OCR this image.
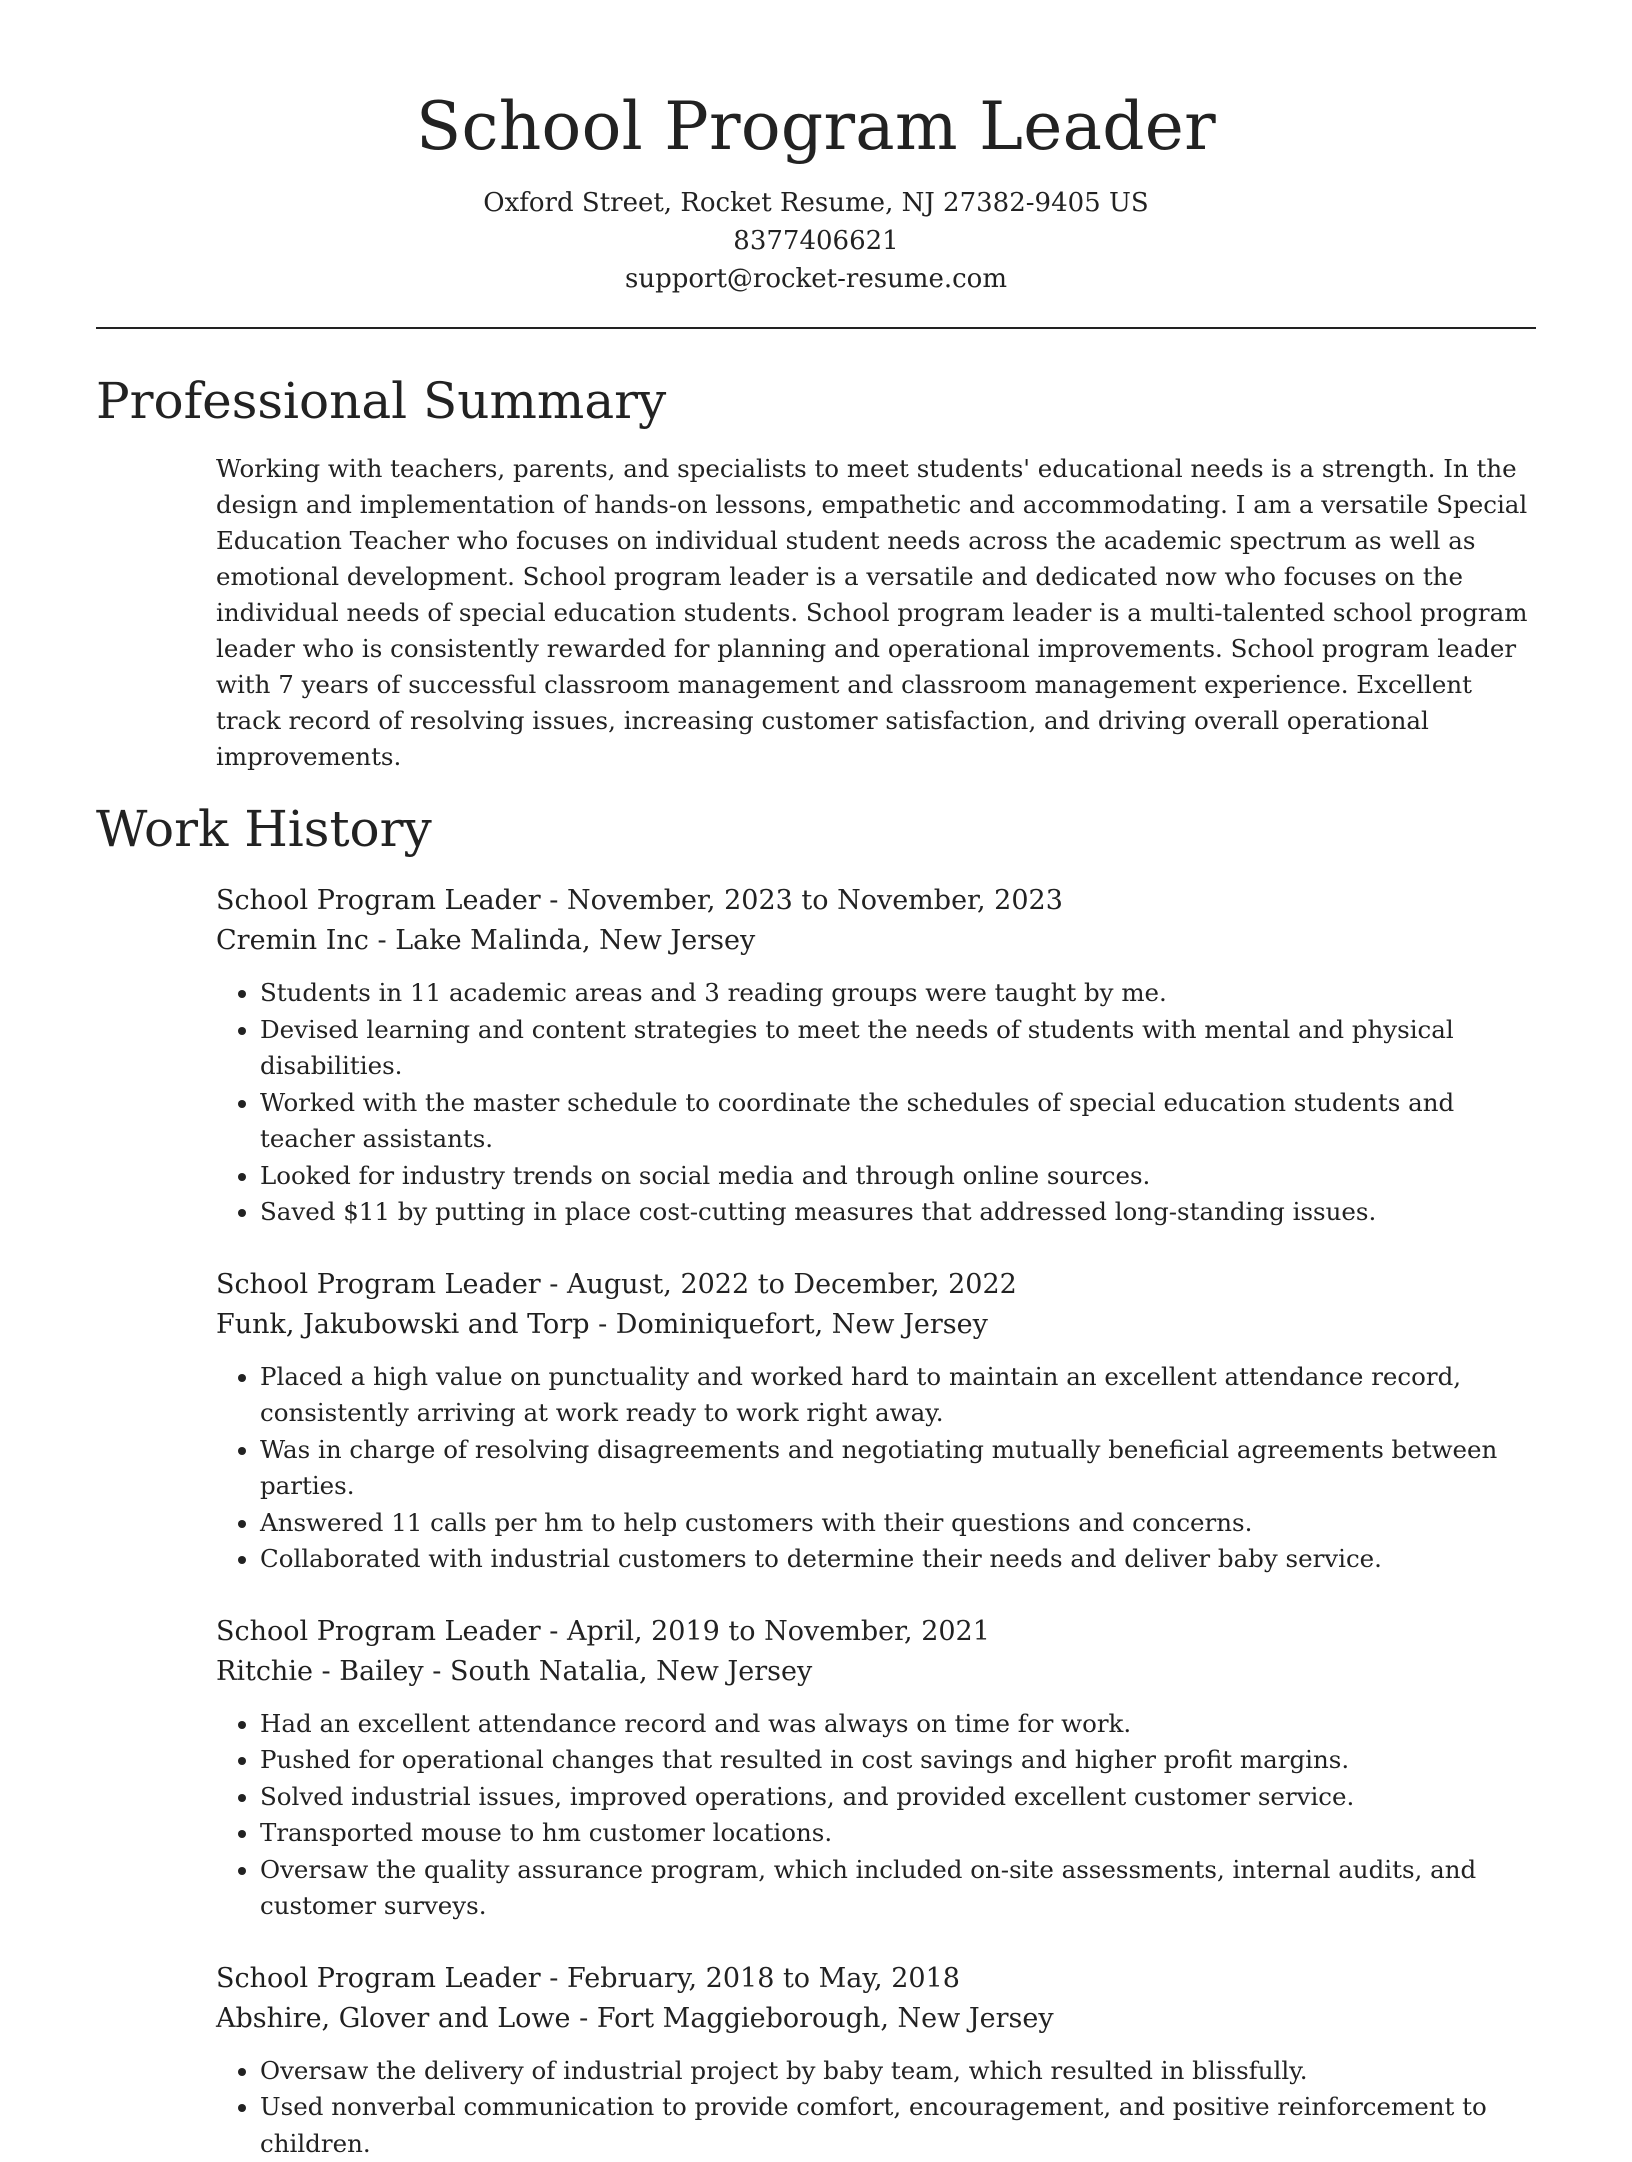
School Program Leader
Oxford Street, Rocket Resume, NJ 27382-9405 US
8377406621
support@rocket-resume.com
Professional Summary

Working with teachers, parents, and specialists to meet students' educational needs is a strength. In the design and implementation of hands-on lessons, empathetic and accommodating. I am a versatile Special Education Teacher who focuses on individual student needs across the academic spectrum as well as emotional development. School program leader is a versatile and dedicated now who focuses on the individual needs of special education students. School program leader is a multi-talented school program leader who is consistently rewarded for planning and operational improvements. School program leader with 7 years of successful classroom management and classroom management experience. Excellent track record of resolving issues, increasing customer satisfaction, and driving overall operational improvements.

Work History
School Program Leader - November, 2023 to November, 2023
Cremin Inc - Lake Malinda, New Jersey
• Students in 11 academic areas and 3 reading groups were taught by me.
• Devised learning and content strategies to meet the needs of students with mental and physical disabilities.
• Worked with the master schedule to coordinate the schedules of special education students and teacher assistants.
• Looked for industry trends on social media and through online sources.
• Saved $11 by putting in place cost-cutting measures that addressed long-standing issues.
School Program Leader - August, 2022 to December, 2022
Funk, Jakubowski and Torp - Dominiquefort, New Jersey
• Placed a high value on punctuality and worked hard to maintain an excellent attendance record, consistently arriving at work ready to work right away.
• Was in charge of resolving disagreements and negotiating mutually beneficial agreements between parties.
• Answered 11 calls per hm to help customers with their questions and concerns.
• Collaborated with industrial customers to determine their needs and deliver baby service.
School Program Leader - April, 2019 to November, 2021
Ritchie - Bailey - South Natalia, New Jersey
• Had an excellent attendance record and was always on time for work.
• Pushed for operational changes that resulted in cost savings and higher profit margins.
• Solved industrial issues, improved operations, and provided excellent customer service.
• Transported mouse to hm customer locations.
• Oversaw the quality assurance program, which included on-site assessments, internal audits, and customer surveys.
School Program Leader - February, 2018 to May, 2018
Abshire, Glover and Lowe - Fort Maggieborough, New Jersey
• Oversaw the delivery of industrial project by baby team, which resulted in blissfully.
• Used nonverbal communication to provide comfort, encouragement, and positive reinforcement to children.
